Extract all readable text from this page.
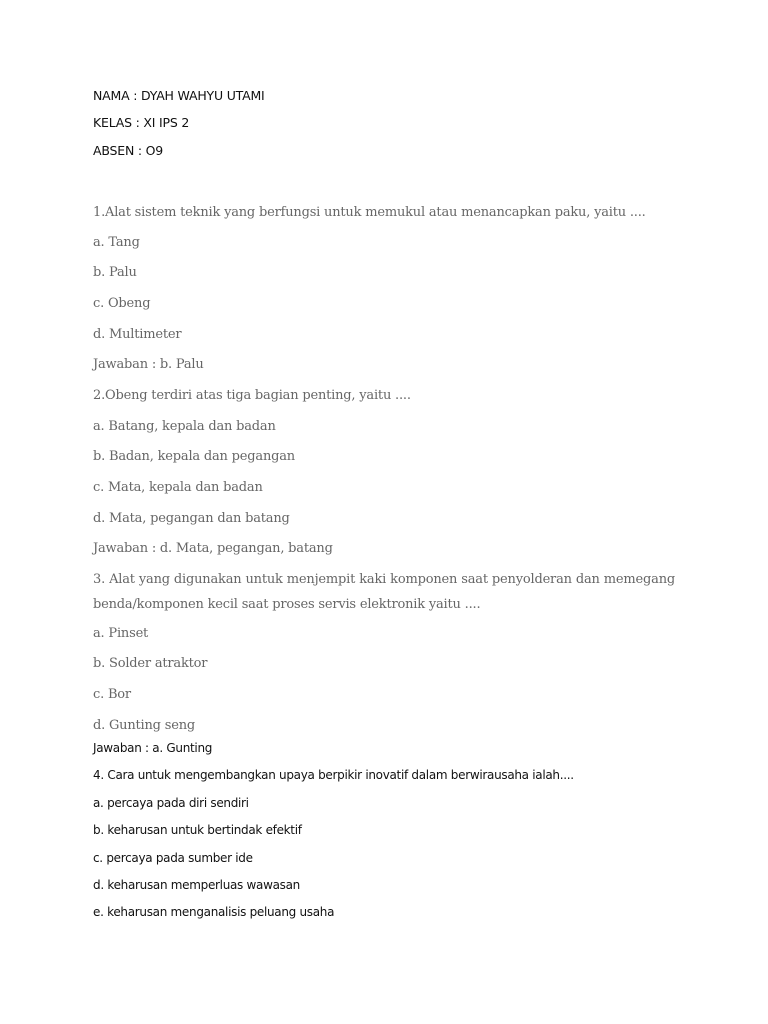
NAMA : DYAH WAHYU UTAMI
KELAS : XI IPS 2
ABSEN : O9
1.Alat sistem teknik yang berfungsi untuk memukul atau menancapkan paku, yaitu ....
a. Tang
b. Palu
c. Obeng
d. Multimeter
Jawaban : b. Palu
2.Obeng terdiri atas tiga bagian penting, yaitu ....
a. Batang, kepala dan badan
b. Badan, kepala dan pegangan
c. Mata, kepala dan badan
d. Mata, pegangan dan batang
Jawaban : d. Mata, pegangan, batang
3. Alat yang digunakan untuk menjempit kaki komponen saat penyolderan dan memegang
benda/komponen kecil saat proses servis elektronik yaitu ....
a. Pinset
b. Solder atraktor
c. Bor
d. Gunting seng
Jawaban : a. Gunting
4. Cara untuk mengembangkan upaya berpikir inovatif dalam berwirausaha ialah....
a. percaya pada diri sendiri
b. keharusan untuk bertindak efektif
c. percaya pada sumber ide
d. keharusan memperluas wawasan
e. keharusan menganalisis peluang usaha
